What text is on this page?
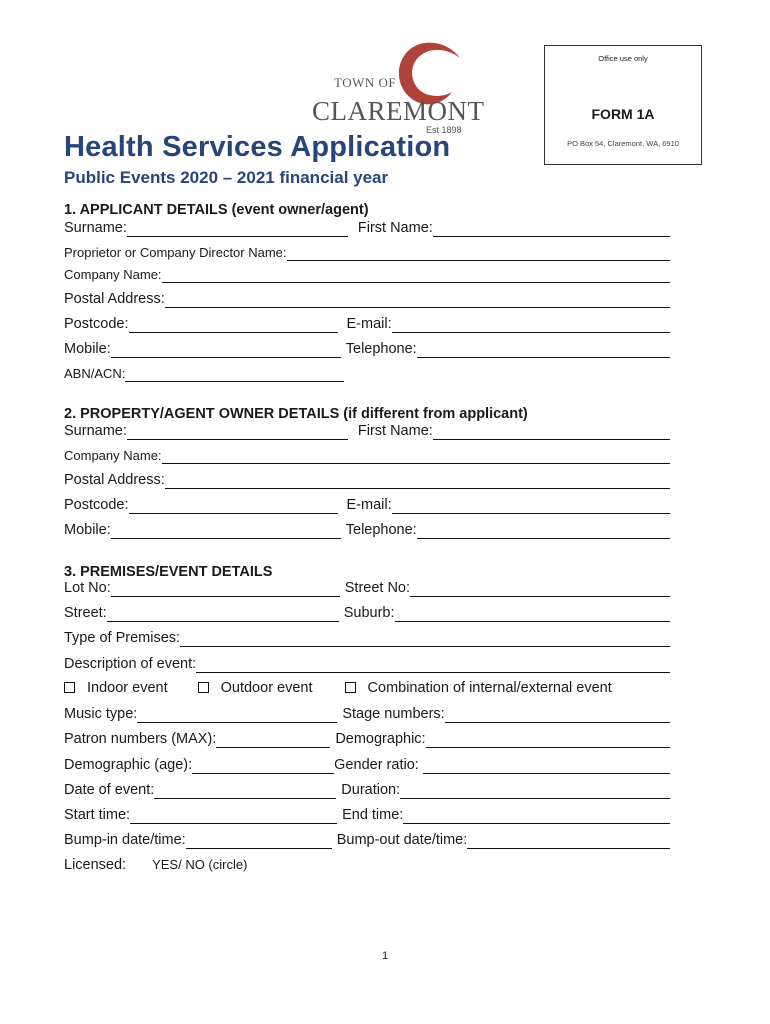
TOWN OF
CLAREMONT
Est 1898
Office use only
FORM 1A
PO Box 54, Claremont, WA, 6910
Health Services Application
Public Events 2020 – 2021 financial year
1. APPLICANT DETAILS (event owner/agent)
Surname:	First Name:
Proprietor or Company Director Name:
Company Name:
Postal Address:
Postcode:	E-mail:
Mobile:	Telephone:
ABN/ACN:
2. PROPERTY/AGENT OWNER DETAILS (if different from applicant)
Surname:	First Name:
Company Name:
Postal Address:
Postcode:	E-mail:
Mobile:	Telephone:
3. PREMISES/EVENT DETAILS
Lot No:	Street No:
Street:	Suburb:
Type of Premises:
Description of event:
Indoor event	Outdoor event	Combination of internal/external event
Music type:	Stage numbers:
Patron numbers (MAX):	Demographic:
Demographic (age):	Gender ratio:
Date of event:	Duration:
Start time:	End time:
Bump-in date/time:	Bump-out date/time:
Licensed: YES/ NO (circle)
1
